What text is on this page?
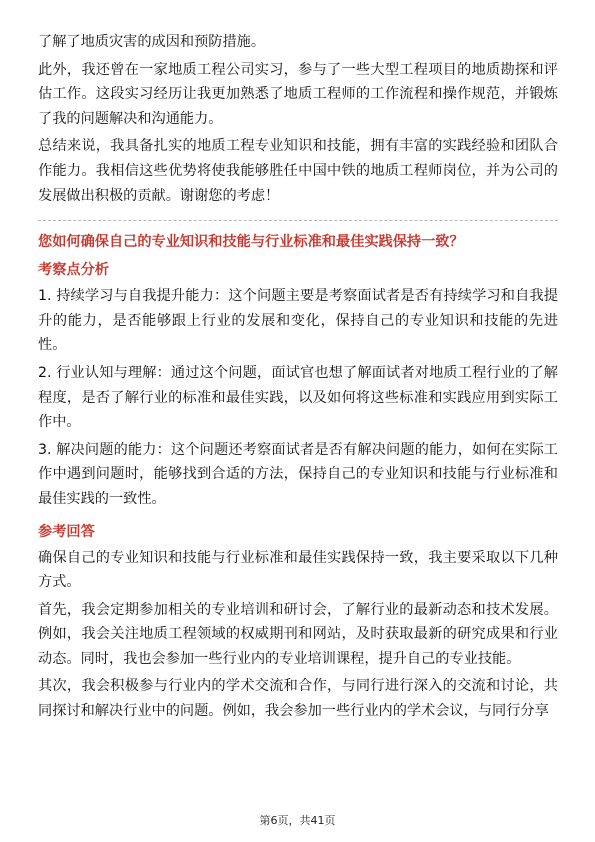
了解了地质灾害的成因和预防措施。

此外，我还曾在一家地质工程公司实习，参与了一些大型工程项目的地质勘探和评估工作。这段实习经历让我更加熟悉了地质工程师的工作流程和操作规范，并锻炼了我的问题解决和沟通能力。

总结来说，我具备扎实的地质工程专业知识和技能，拥有丰富的实践经验和团队合作能力。我相信这些优势将使我能够胜任中国中铁的地质工程师岗位，并为公司的发展做出积极的贡献。谢谢您的考虑！

您如何确保自己的专业知识和技能与行业标准和最佳实践保持一致？
考察点分析

1. 持续学习与自我提升能力：这个问题主要是考察面试者是否有持续学习和自我提升的能力，是否能够跟上行业的发展和变化，保持自己的专业知识和技能的先进性。

2. 行业认知与理解：通过这个问题，面试官也想了解面试者对地质工程行业的了解程度，是否了解行业的标准和最佳实践，以及如何将这些标准和实践应用到实际工作中。

3. 解决问题的能力：这个问题还考察面试者是否有解决问题的能力，如何在实际工作中遇到问题时，能够找到合适的方法，保持自己的专业知识和技能与行业标准和最佳实践的一致性。

参考回答

确保自己的专业知识和技能与行业标准和最佳实践保持一致，我主要采取以下几种方式。

首先，我会定期参加相关的专业培训和研讨会，了解行业的最新动态和技术发展。例如，我会关注地质工程领域的权威期刊和网站，及时获取最新的研究成果和行业动态。同时，我也会参加一些行业内的专业培训课程，提升自己的专业技能。

其次，我会积极参与行业内的学术交流和合作，与同行进行深入的交流和讨论，共同探讨和解决行业中的问题。例如，我会参加一些行业内的学术会议，与同行分享

第6页，共41页
